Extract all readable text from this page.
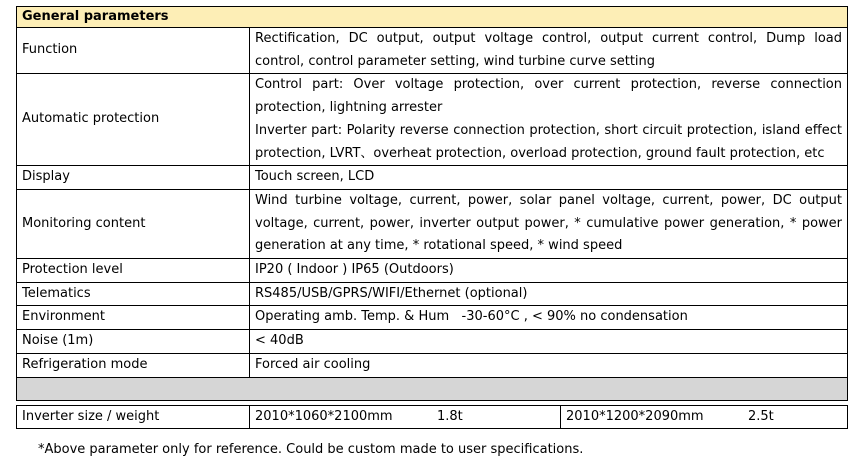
General parameters		
Function	Rectification, DC output, output voltage control, output current control, Dump load control, control parameter setting, wind turbine curve setting	
Automatic protection	Control part: Over voltage protection, over current protection, reverse connection protection, lightning arrester
Inverter part: Polarity reverse connection protection, short circuit protection, island effect protection, LVRT、overheat protection, overload protection, ground fault protection, etc	

Display	Touch screen, LCD	
Monitoring content	Wind turbine voltage, current, power, solar panel voltage, current, power, DC output voltage, current, power, inverter output power, * cumulative power generation, * power generation at any time, * rotational speed, * wind speed	
Protection level	IP20 ( Indoor ) IP65 (Outdoors)	
Telematics	RS485/USB/GPRS/WIFI/Ethernet (optional)	
Environment	Operating amb. Temp. & Hum   -30-60°C , < 90% no condensation	
Noise (1m)	< 40dB	
Refrigeration mode	Forced air cooling	

Inverter size / weight	2010*1060*2100mm 1.8t	2010*1200*2090mm 2.5t
*Above parameter only for reference. Could be custom made to user specifications.
